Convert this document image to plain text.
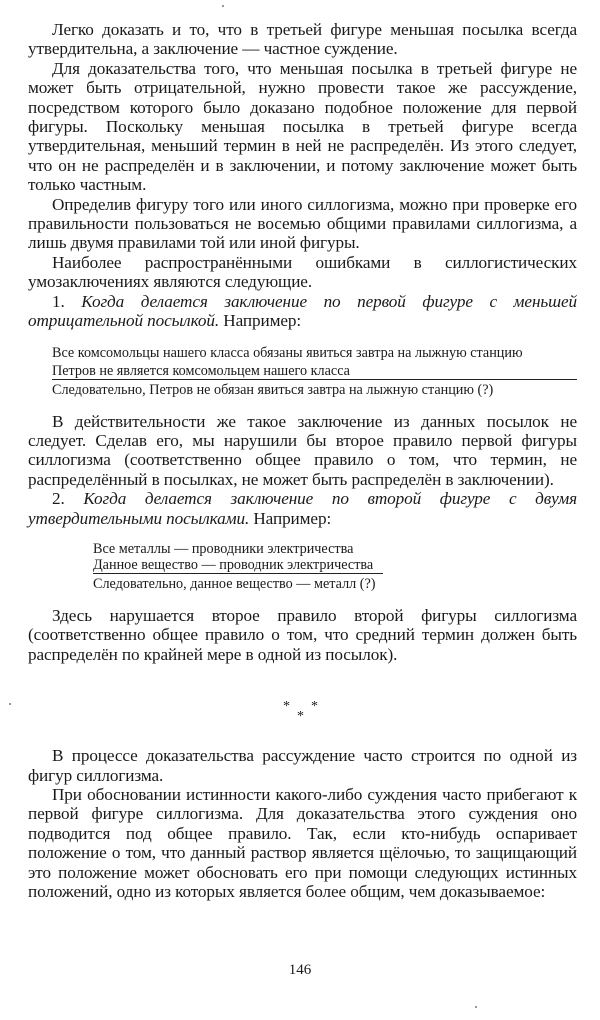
Легко доказать и то, что в третьей фигуре меньшая посылка всегда утвердительна, а заключение — частное суждение.

Для доказательства того, что меньшая посылка в третьей фигуре не может быть отрицательной, нужно провести такое же рассуждение, посредством которого было доказано подобное положение для первой фигуры. Поскольку меньшая посылка в третьей фигуре всегда утвердительная, меньший термин в ней не распределён. Из этого следует, что он не распределён и в заключении, и потому заключение может быть только частным.

Определив фигуру того или иного силлогизма, можно при проверке его правильности пользоваться не восемью общими правилами силлогизма, а лишь двумя правилами той или иной фигуры.

Наиболее распространёнными ошибками в силлогистических умозаключениях являются следующие.

1. Когда делается заключение по первой фигуре с меньшей отрицательной посылкой. Например:

Все комсомольцы нашего класса обязаны явиться завтра на лыжную станцию
Петров не является комсомольцем нашего класса
Следовательно, Петров не обязан явиться завтра на лыжную станцию (?)

В действительности же такое заключение из данных посылок не следует. Сделав его, мы нарушили бы второе правило первой фигуры силлогизма (соответственно общее правило о том, что термин, не распределённый в посылках, не может быть распределён в заключении).

2. Когда делается заключение по второй фигуре с двумя утвердительными посылками. Например:

Все металлы — проводники электричества
Данное вещество — проводник электричества
Следовательно, данное вещество — металл (?)

Здесь нарушается второе правило второй фигуры силлогизма (соответственно общее правило о том, что средний термин должен быть распределён по крайней мере в одной из посылок).

* *
*

В процессе доказательства рассуждение часто строится по одной из фигур силлогизма.

При обосновании истинности какого-либо суждения часто прибегают к первой фигуре силлогизма. Для доказательства этого суждения оно подводится под общее правило. Так, если кто-нибудь оспаривает положение о том, что данный раствор является щёлочью, то защищающий это положение может обосновать его при помощи следующих истинных положений, одно из которых является более общим, чем доказываемое:

146
